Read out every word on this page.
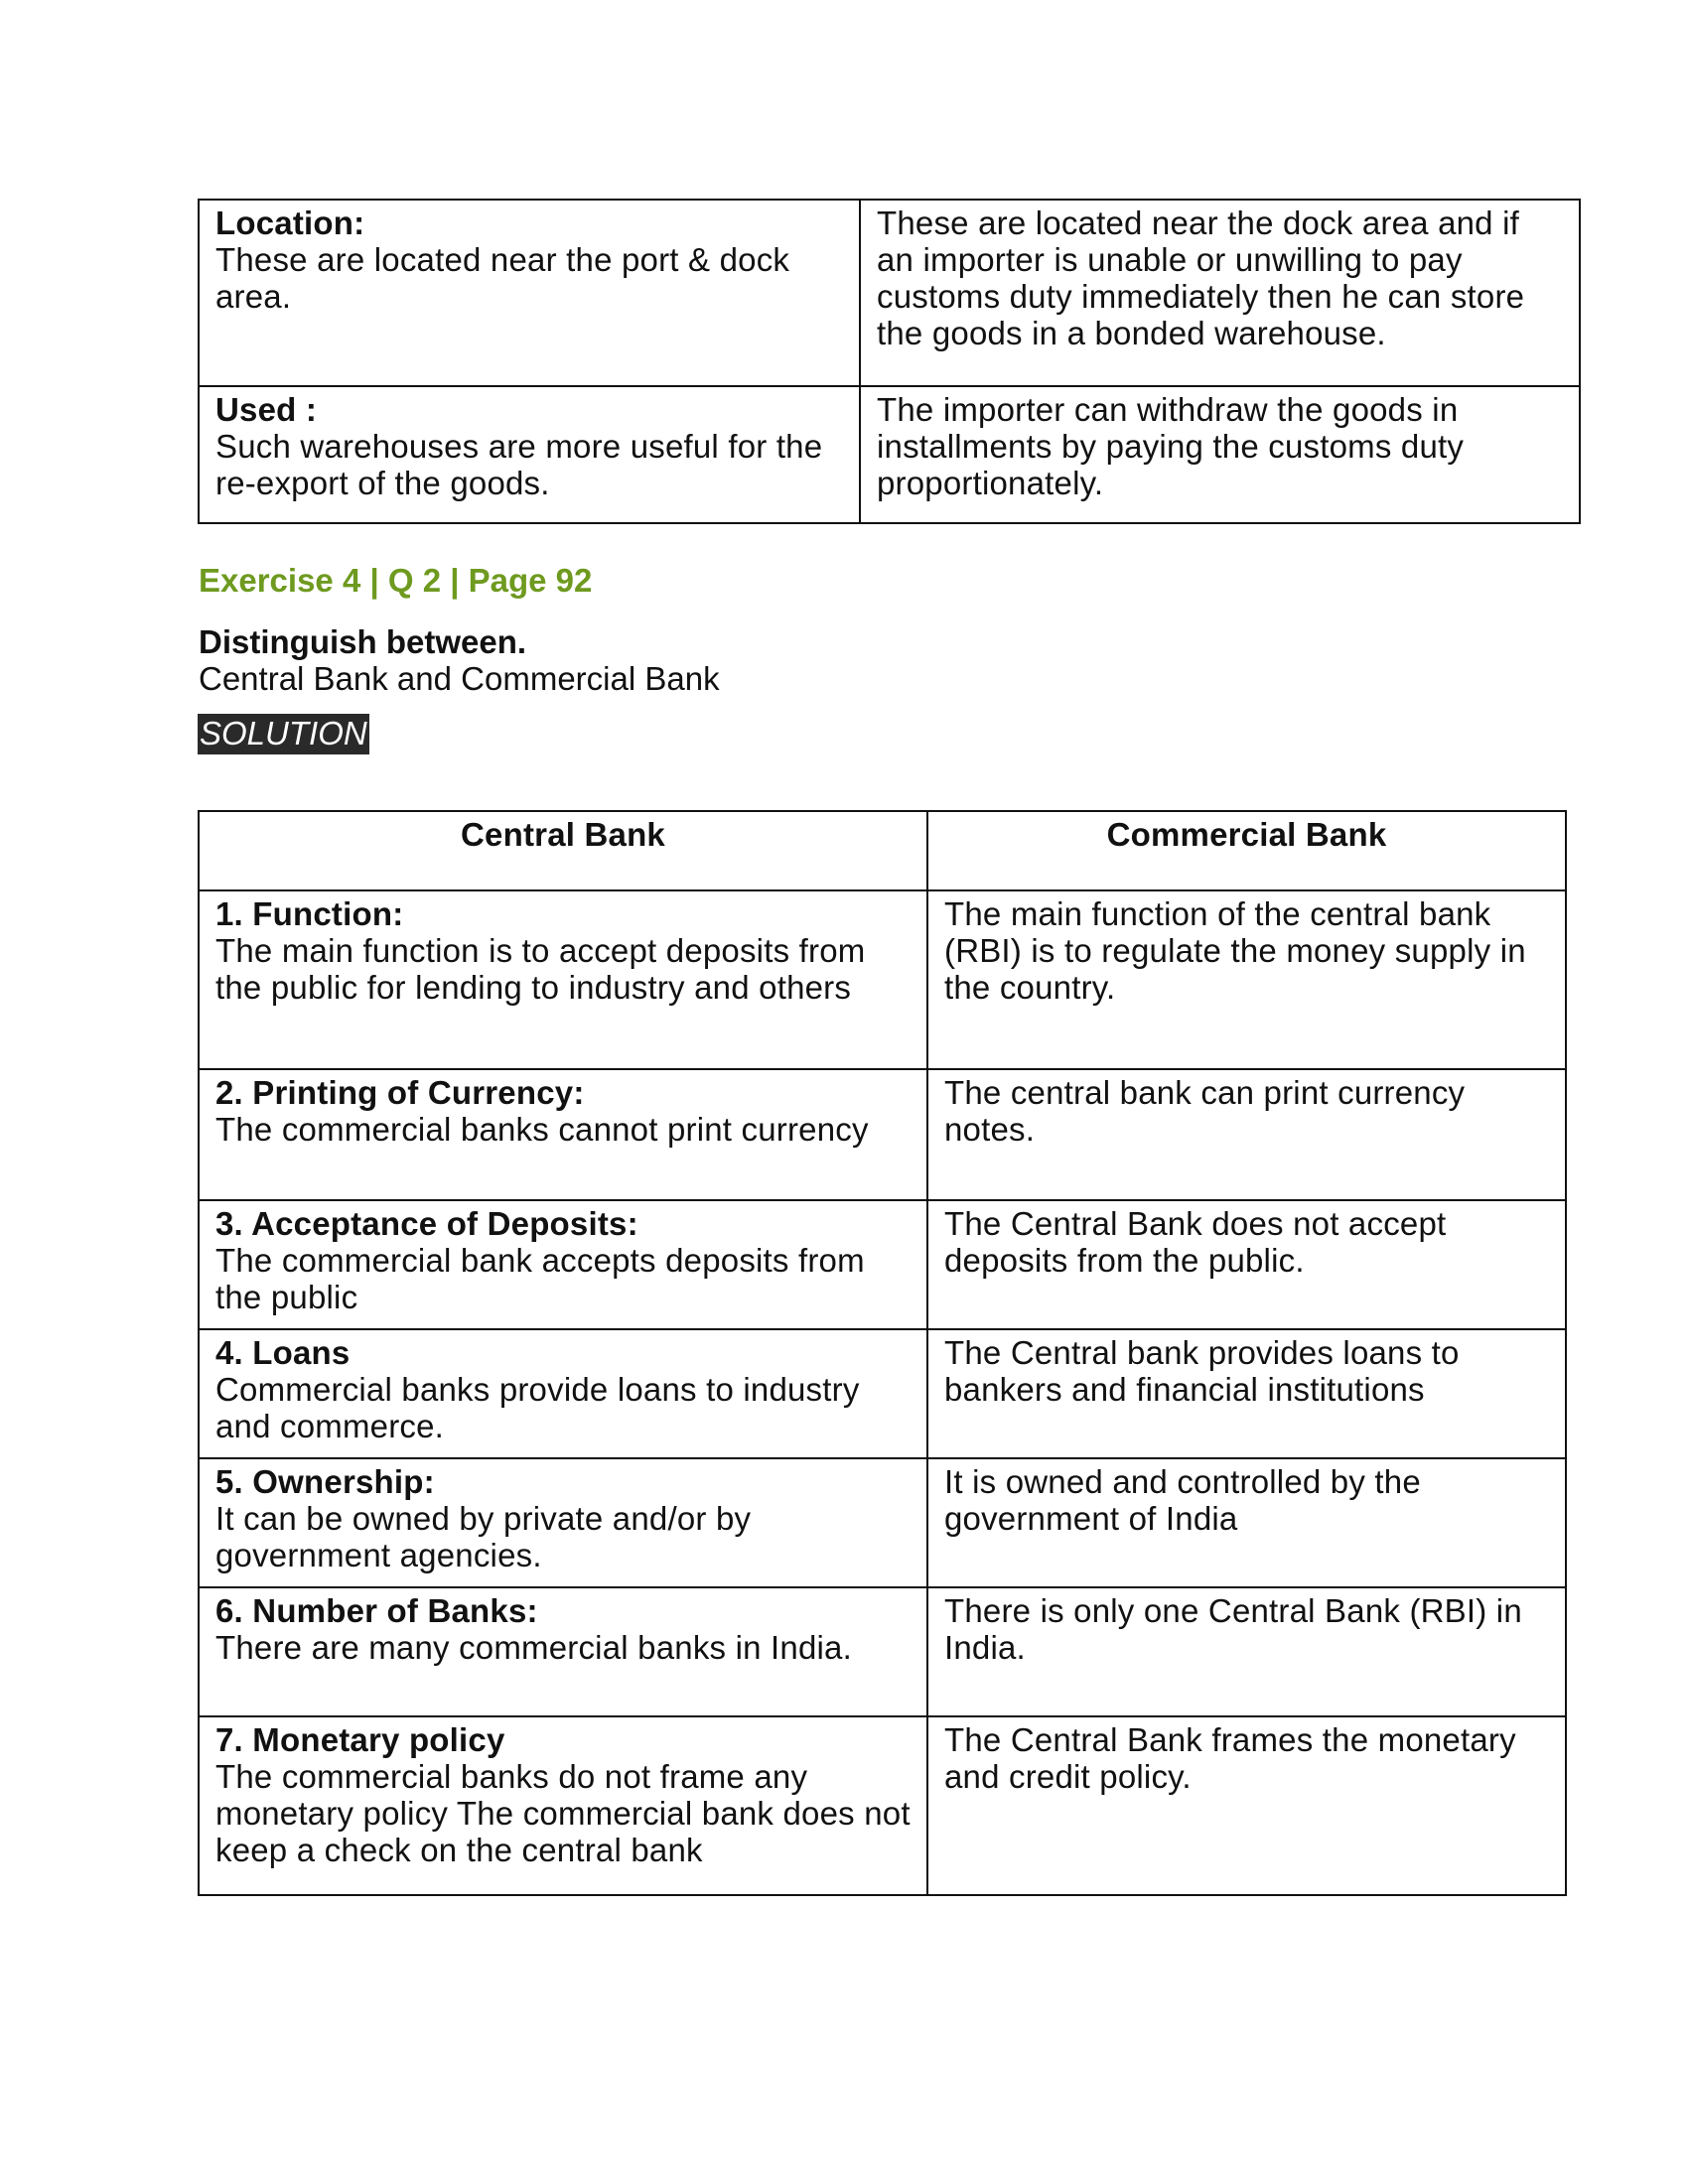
Location:
These are located near the port & dock area.	These are located near the dock area and if an importer is unable or unwilling to pay customs duty immediately then he can store the goods in a bonded warehouse.

Used :
Such warehouses are more useful for the re-export of the goods.	The importer can withdraw the goods in installments by paying the customs duty proportionately.

Exercise 4 | Q 2 | Page 92

Distinguish between.

Central Bank and Commercial Bank

SOLUTION
Central Bank	Commercial Bank

1. Function:
The main function is to accept deposits from the public for lending to industry and others	The main function of the central bank (RBI) is to regulate the money supply in the country.

2. Printing of Currency:
The commercial banks cannot print currency	The central bank can print currency notes.

3. Acceptance of Deposits:
The commercial bank accepts deposits from the public	The Central Bank does not accept deposits from the public.

4. Loans
Commercial banks provide loans to industry and commerce.	The Central bank provides loans to bankers and financial institutions

5. Ownership:
It can be owned by private and/or by government agencies.	It is owned and controlled by the government of India

6. Number of Banks:
There are many commercial banks in India.	There is only one Central Bank (RBI) in India.

7. Monetary policy
The commercial banks do not frame any monetary policy The commercial bank does not keep a check on the central bank	The Central Bank frames the monetary and credit policy.
